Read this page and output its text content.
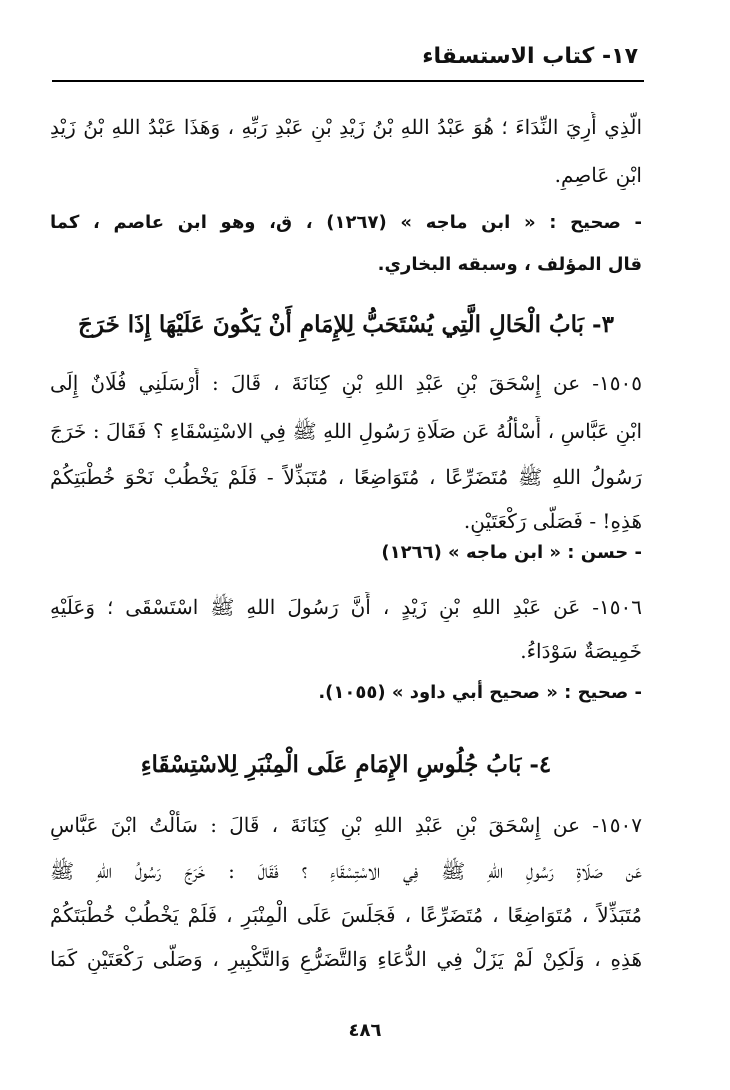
١٧- كتاب الاستسقاء
الَّذِي أُرِيَ النِّدَاءَ ؛ هُوَ عَبْدُ اللهِ بْنُ زَيْدِ بْنِ عَبْدِ رَبِّهِ ، وَهَذَا عَبْدُ اللهِ بْنُ زَيْدِ
ابْنِ عَاصِمٍ.
- صحيح : « ابن ماجه » (١٢٦٧) ، ق، وهو ابن عاصم ، كما
قال المؤلف ، وسبقه البخاري.
٣- بَابُ الْحَالِ الَّتِي يُسْتَحَبُّ لِلإِمَامِ أَنْ يَكُونَ عَلَيْهَا إِذَا خَرَجَ
١٥٠٥- عن إِسْحَقَ بْنِ عَبْدِ اللهِ بْنِ كِنَانَةَ ، قَالَ : أَرْسَلَنِي فُلَانٌ إِلَى
ابْنِ عَبَّاسٍ ، أَسْأَلُهُ عَن صَلَاةِ رَسُولِ اللهِ ﷺ فِي الاسْتِسْقَاءِ ؟ فَقَالَ : خَرَجَ
رَسُولُ اللهِ ﷺ مُتَضَرِّعًا ، مُتَوَاضِعًا ، مُتَبَذِّلاً - فَلَمْ يَخْطُبْ نَحْوَ خُطْبَتِكُمْ
هَذِهِ! - فَصَلَّى رَكْعَتَيْنِ.
- حسن : « ابن ماجه » (١٢٦٦)
١٥٠٦- عَن عَبْدِ اللهِ بْنِ زَيْدٍ ، أَنَّ رَسُولَ اللهِ ﷺ اسْتَسْقَى ؛ وَعَلَيْهِ
خَمِيصَةٌ سَوْدَاءُ.
- صحيح : « صحيح أبي داود » (١٠٥٥).
٤- بَابُ جُلُوسِ الإِمَامِ عَلَى الْمِنْبَرِ لِلاسْتِسْقَاءِ
١٥٠٧- عن إِسْحَقَ بْنِ عَبْدِ اللهِ بْنِ كِنَانَةَ ، قَالَ : سَأَلْتُ ابْنَ عَبَّاسٍ
عَن صَلَاةِ رَسُولِ اللهِ ﷺ فِي الاسْتِسْقَاءِ ؟ فَقَالَ : خَرَجَ رَسُولُ اللهِ ﷺ
مُتَبَذِّلاً ، مُتَوَاضِعًا ، مُتَضَرِّعًا ، فَجَلَسَ عَلَى الْمِنْبَرِ ، فَلَمْ يَخْطُبْ خُطْبَتَكُمْ
هَذِهِ ، وَلَكِنْ لَمْ يَزَلْ فِي الدُّعَاءِ وَالتَّضَرُّعِ وَالتَّكْبِيرِ ، وَصَلَّى رَكْعَتَيْنِ كَمَا
٤٨٦
